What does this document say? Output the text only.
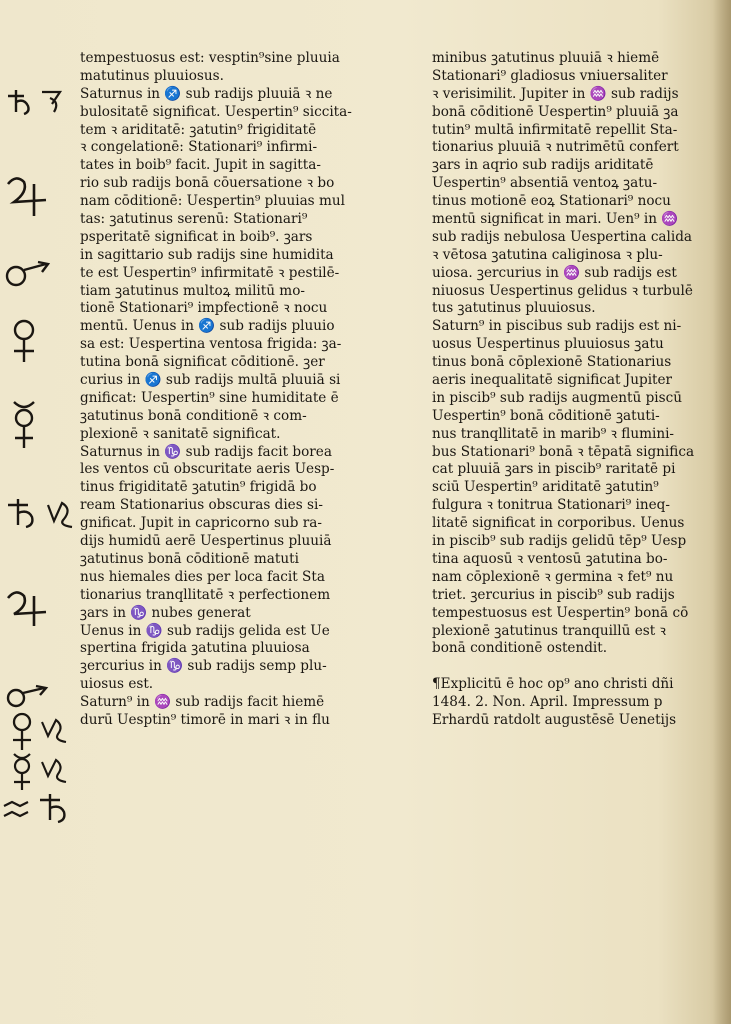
tempestuosus est: vesptin⁹sine pluuia
matutinus pluuiosus.
Saturnus in ♐ sub radijs pluuiā ꝛ ne
bulositatē significat. Uespertin⁹ siccita-
tem ꝛ ariditatē: ꝫatutin⁹ frigiditatē
ꝛ congelationē: Stationari⁹ infirmi-
tates in boib⁹ facit. Jupit in sagitta-
rio sub radijs bonā cōuersatione ꝛ bo
nam cōditionē: Uespertin⁹ pluuias mul
tas: ꝫatutinus serenū: Stationari⁹
psperitatē significat in boib⁹. ꝫars
in sagittario sub radijs sine humidita
te est Uespertin⁹ infirmitatē ꝛ pestilē-
tiam ꝫatutinus multoꝝ militū mo-
tionē Stationari⁹ impfectionē ꝛ nocu
mentū. Uenus in ♐ sub radijs pluuio
sa est: Uespertina ventosa frigida: ꝫa-
tutina bonā significat cōditionē. ꝫer
curius in ♐ sub radijs multā pluuiā si
gnificat: Uespertin⁹ sine humiditate ē
ꝫatutinus bonā conditionē ꝛ com-
plexionē ꝛ sanitatē significat.
Saturnus in ♑ sub radijs facit borea
les ventos cū obscuritate aeris Uesp-
tinus frigiditatē ꝫatutin⁹ frigidā bo
ream Stationarius obscuras dies si-
gnificat. Jupit in capricorno sub ra-
dijs humidū aerē Uespertinus pluuiā
ꝫatutinus bonā cōditionē matuti
nus hiemales dies per loca facit Sta
tionarius tranqllitatē ꝛ perfectionem
ꝫars in ♑ nubes generat
Uenus in ♑ sub radijs gelida est Ue
spertina frigida ꝫatutina pluuiosa
ꝫercurius in ♑ sub radijs semp plu-
uiosus est.
Saturn⁹ in ♒ sub radijs facit hiemē
durū Uesptin⁹ timorē in mari ꝛ in flu
minibus ꝫatutinus pluuiā ꝛ hiemē
Stationari⁹ gladiosus vniuersaliter
ꝛ verisimilit. Jupiter in ♒ sub radijs
bonā cōditionē Uespertin⁹ pluuiā ꝫa
tutin⁹ multā infirmitatē repellit Sta-
tionarius pluuiā ꝛ nutrimētū confert
ꝫars in aqrio sub radijs ariditatē
Uespertin⁹ absentiā ventoꝝ ꝫatu-
tinus motionē eoꝝ Stationari⁹ nocu
mentū significat in mari. Uen⁹ in ♒
sub radijs nebulosa Uespertina calida
ꝛ vētosa ꝫatutina caliginosa ꝛ plu-
uiosa. ꝫercurius in ♒ sub radijs est
niuosus Uespertinus gelidus ꝛ turbulē
tus ꝫatutinus pluuiosus.
Saturn⁹ in piscibus sub radijs est ni-
uosus Uespertinus pluuiosus ꝫatu
tinus bonā cōplexionē Stationarius
aeris inequalitatē significat Jupiter
in piscib⁹ sub radijs augmentū piscū
Uespertin⁹ bonā cōditionē ꝫatuti-
nus tranqllitatē in marib⁹ ꝛ flumini-
bus Stationari⁹ bonā ꝛ tēpatā significa
cat pluuiā ꝫars in piscib⁹ raritatē pi
sciū Uespertin⁹ ariditatē ꝫatutin⁹
fulgura ꝛ tonitrua Stationari⁹ ineq-
litatē significat in corporibus. Uenus
in piscib⁹ sub radijs gelidū tēp⁹ Uesp
tina aquosū ꝛ ventosū ꝫatutina bo-
nam cōplexionē ꝛ germina ꝛ fet⁹ nu
triet. ꝫercurius in piscib⁹ sub radijs
tempestuosus est Uespertin⁹ bonā cō
plexionē ꝫatutinus tranquillū est ꝛ
bonā conditionē ostendit.
¶Explicitū ē hoc op⁹ ano christi dñi
1484. 2. Non. April. Impressum p
Erhardū ratdolt augustēsē Uenetijs
